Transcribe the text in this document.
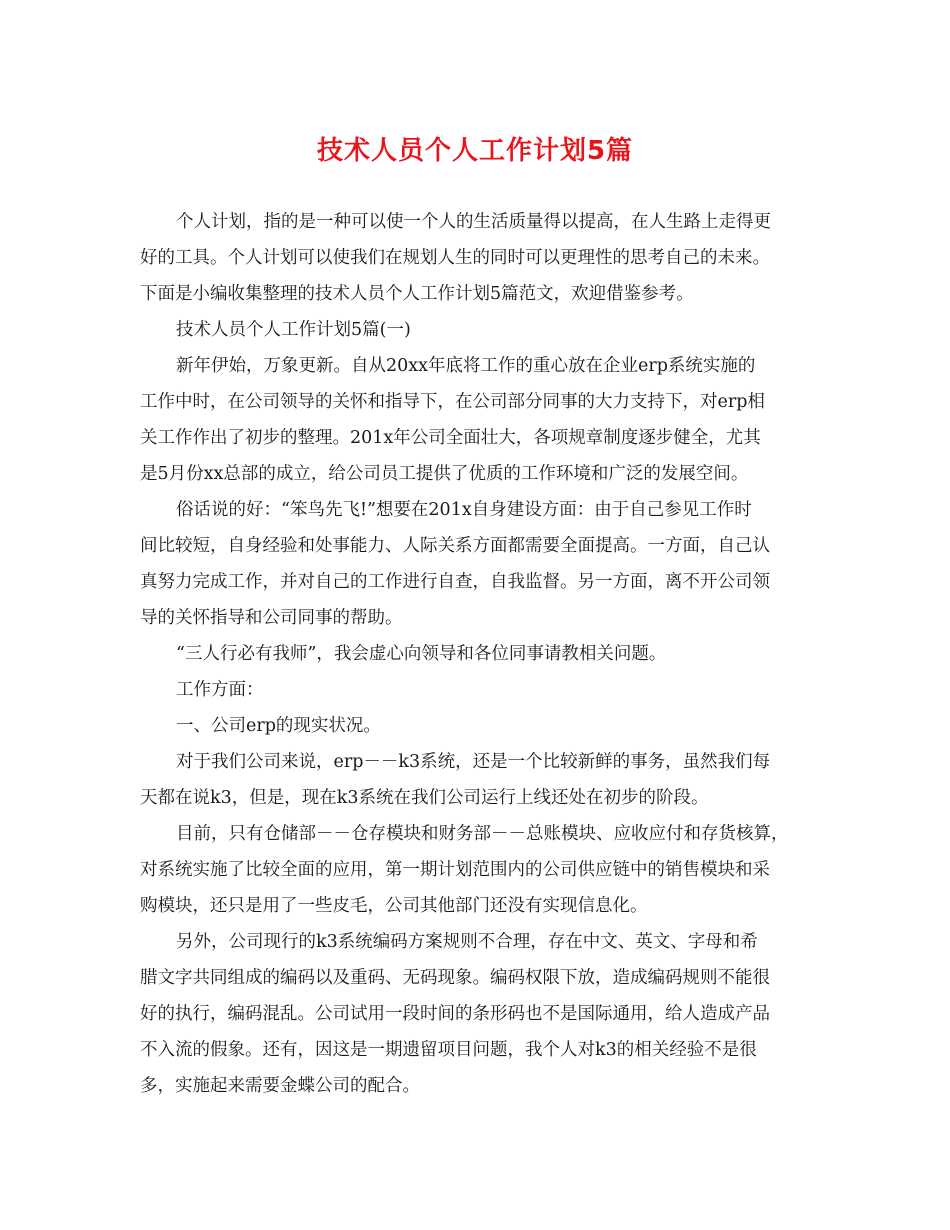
技术人员个人工作计划5篇
个人计划，指的是一种可以使一个人的生活质量得以提高，在人生路上走得更
好的工具。个人计划可以使我们在规划人生的同时可以更理性的思考自己的未来。
下面是小编收集整理的技术人员个人工作计划5篇范文，欢迎借鉴参考。
技术人员个人工作计划5篇(一)
新年伊始，万象更新。自从20xx年底将工作的重心放在企业erp系统实施的
工作中时，在公司领导的关怀和指导下，在公司部分同事的大力支持下，对erp相
关工作作出了初步的整理。201x年公司全面壮大，各项规章制度逐步健全，尤其
是5月份xx总部的成立，给公司员工提供了优质的工作环境和广泛的发展空间。
俗话说的好：“笨鸟先飞!”想要在201x自身建设方面：由于自己参见工作时
间比较短，自身经验和处事能力、人际关系方面都需要全面提高。一方面，自己认
真努力完成工作，并对自己的工作进行自查，自我监督。另一方面，离不开公司领
导的关怀指导和公司同事的帮助。
“三人行必有我师”，我会虚心向领导和各位同事请教相关问题。
工作方面：
一、公司erp的现实状况。
对于我们公司来说，erp－－k3系统，还是一个比较新鲜的事务，虽然我们每
天都在说k3，但是，现在k3系统在我们公司运行上线还处在初步的阶段。
目前，只有仓储部－－仓存模块和财务部－－总账模块、应收应付和存货核算，
对系统实施了比较全面的应用，第一期计划范围内的公司供应链中的销售模块和采
购模块，还只是用了一些皮毛，公司其他部门还没有实现信息化。
另外，公司现行的k3系统编码方案规则不合理，存在中文、英文、字母和希
腊文字共同组成的编码以及重码、无码现象。编码权限下放，造成编码规则不能很
好的执行，编码混乱。公司试用一段时间的条形码也不是国际通用，给人造成产品
不入流的假象。还有，因这是一期遗留项目问题，我个人对k3的相关经验不是很
多，实施起来需要金蝶公司的配合。
